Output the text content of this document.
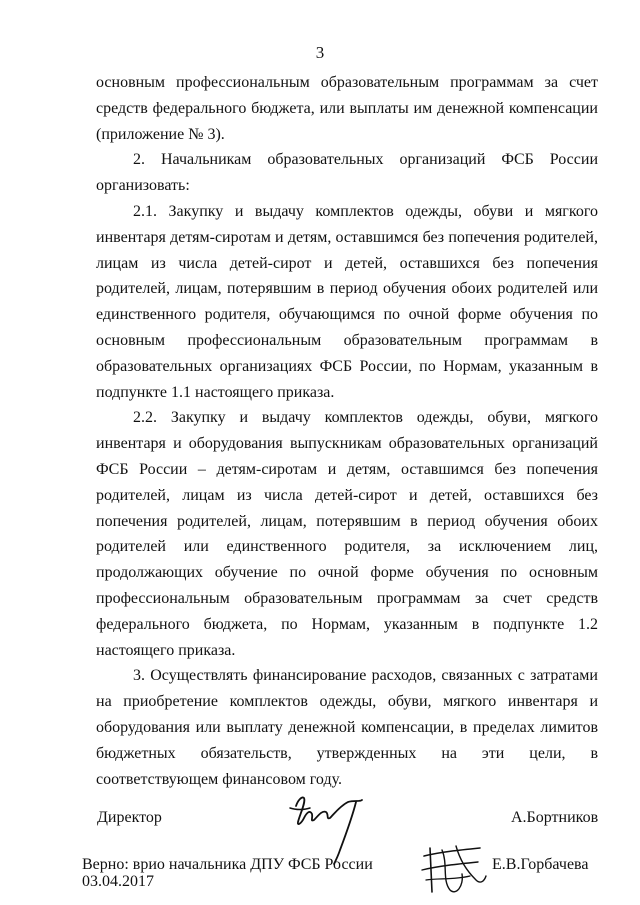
3

основным профессиональным образовательным программам за счет средств федерального бюджета, или выплаты им денежной компенсации (приложение № 3).

2. Начальникам образовательных организаций ФСБ России организовать:

2.1. Закупку и выдачу комплектов одежды, обуви и мягкого инвентаря детям-сиротам и детям, оставшимся без попечения родителей, лицам из числа детей-сирот и детей, оставшихся без попечения родителей, лицам, потерявшим в период обучения обоих родителей или единственного родителя, обучающимся по очной форме обучения по основным профессиональным образовательным программам в образовательных организациях ФСБ России, по Нормам, указанным в подпункте 1.1 настоящего приказа.

2.2. Закупку и выдачу комплектов одежды, обуви, мягкого инвентаря и оборудования выпускникам образовательных организаций ФСБ России – детям-сиротам и детям, оставшимся без попечения родителей, лицам из числа детей-сирот и детей, оставшихся без попечения родителей, лицам, потерявшим в период обучения обоих родителей или единственного родителя, за исключением лиц, продолжающих обучение по очной форме обучения по основным профессиональным образовательным программам за счет средств федерального бюджета, по Нормам, указанным в подпункте 1.2 настоящего приказа.

3. Осуществлять финансирование расходов, связанных с затратами на приобретение комплектов одежды, обуви, мягкого инвентаря и оборудования или выплату денежной компенсации, в пределах лимитов бюджетных обязательств, утвержденных на эти цели, в соответствующем финансовом году.

Директор	А.Бортников
Верно: врио начальника ДПУ ФСБ России
03.04.2017
Е.В.Горбачева
